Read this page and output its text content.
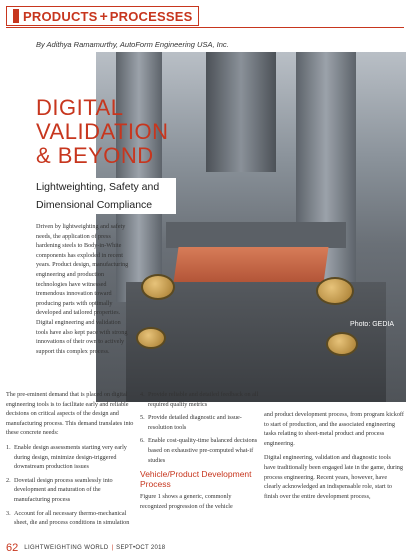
PRODUCTS + PROCESSES
By Adithya Ramamurthy, AutoForm Engineering USA, Inc.
Photo: GEDIA
DIGITAL
VALIDATION
& BEYOND
Lightweighting, Safety and Dimensional Compliance

Driven by lightweighting and safety needs, the application of press hardening steels to Body-in-White components has exploded in recent years. Product design, manufacturing engineering and production technologies have witnessed tremendous innovation toward producing parts with optimally developed and tailored properties. Digital engineering and validation tools have also kept pace with strong innovations of their own to actively support this complex process.

The pre-eminent demand that is placed on digital engineering tools is to facilitate early and reliable decisions on critical aspects of the design and manufacturing process. This demand translates into these concrete needs:

1. Enable design assessments starting very early during design, minimize design-triggered downstream production issues
2. Dovetail design process seamlessly into development and maturation of the manufacturing process
3. Account for all necessary thermo-mechanical sheet, die and process conditions in simulation
4. Provide reliable and detailed feedback on all required quality metrics
5. Provide detailed diagnostic and issue-resolution tools
6. Enable cost-quality-time balanced decisions based on exhaustive pre-computed what-if studies
Vehicle/Product Development Process

Figure 1 shows a generic, commonly recognized progression of the vehicle

and product development process, from program kickoff to start of production, and the associated engineering tasks relating to sheet-metal product and process engineering.

Digital engineering, validation and diagnostic tools have traditionally been engaged late in the game, during process engineering. Recent years, however, have clearly acknowledged an indispensable role, start to finish over the entire development process,

62 LIGHTWEIGHTING WORLD | SEPT•OCT 2018
